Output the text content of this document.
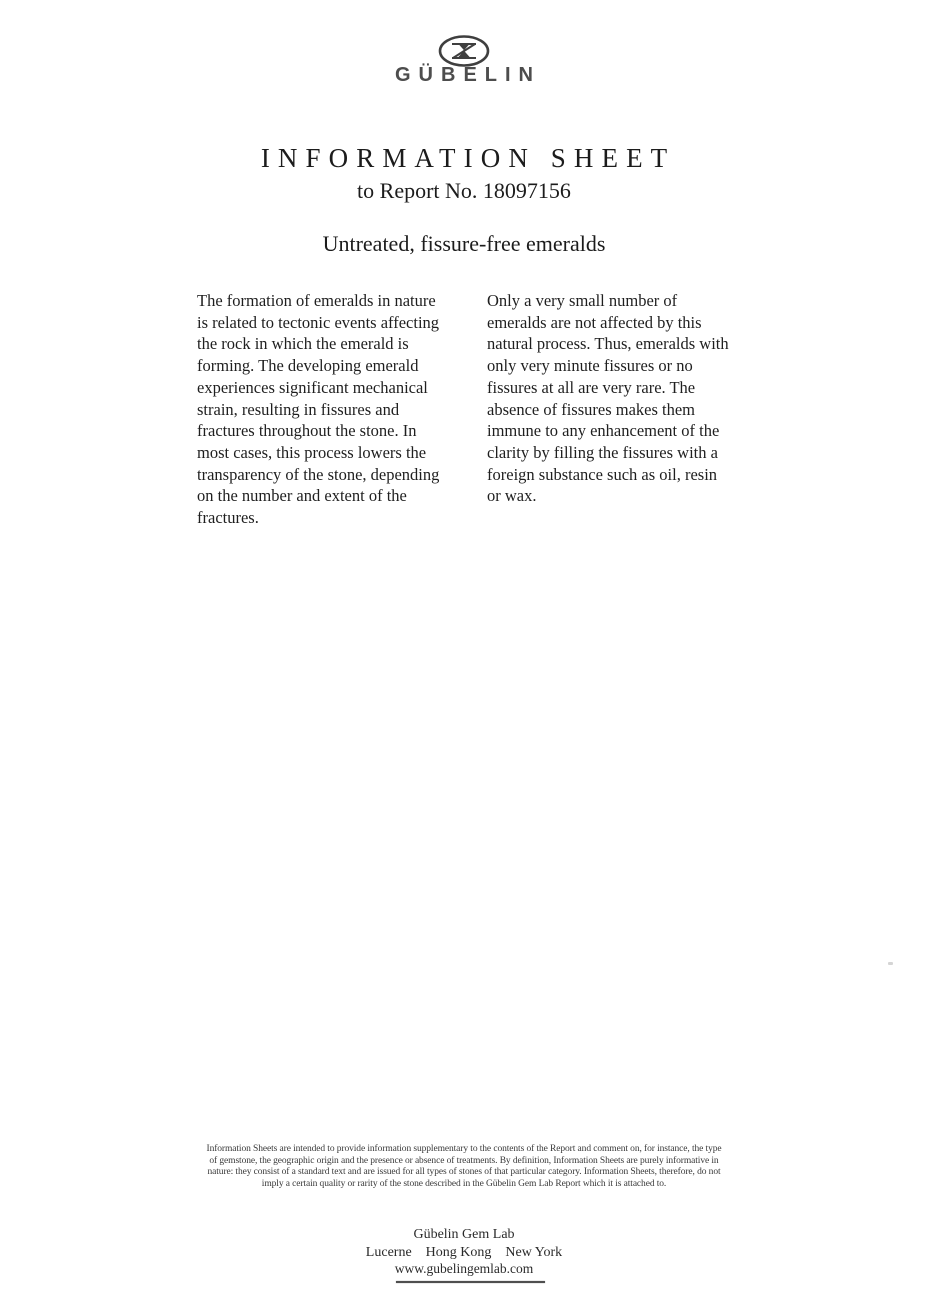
GÜBELIN
INFORMATION SHEET
to Report No. 18097156
Untreated, fissure-free emeralds
The formation of emeralds in nature
is related to tectonic events affecting
the rock in which the emerald is
forming. The developing emerald
experiences significant mechanical
strain, resulting in fissures and
fractures throughout the stone. In
most cases, this process lowers the
transparency of the stone, depending
on the number and extent of the
fractures.
Only a very small number of
emeralds are not affected by this
natural process. Thus, emeralds with
only very minute fissures or no
fissures at all are very rare. The
absence of fissures makes them
immune to any enhancement of the
clarity by filling the fissures with a
foreign substance such as oil, resin
or wax.
Information Sheets are intended to provide information supplementary to the contents of the Report and comment on, for instance, the type
of gemstone, the geographic origin and the presence or absence of treatments. By definition, Information Sheets are purely informative in
nature: they consist of a standard text and are issued for all types of stones of that particular category. Information Sheets, therefore, do not
imply a certain quality or rarity of the stone described in the Gübelin Gem Lab Report which it is attached to.
Gübelin Gem Lab
Lucerne Hong Kong New York
www.gubelingemlab.com
